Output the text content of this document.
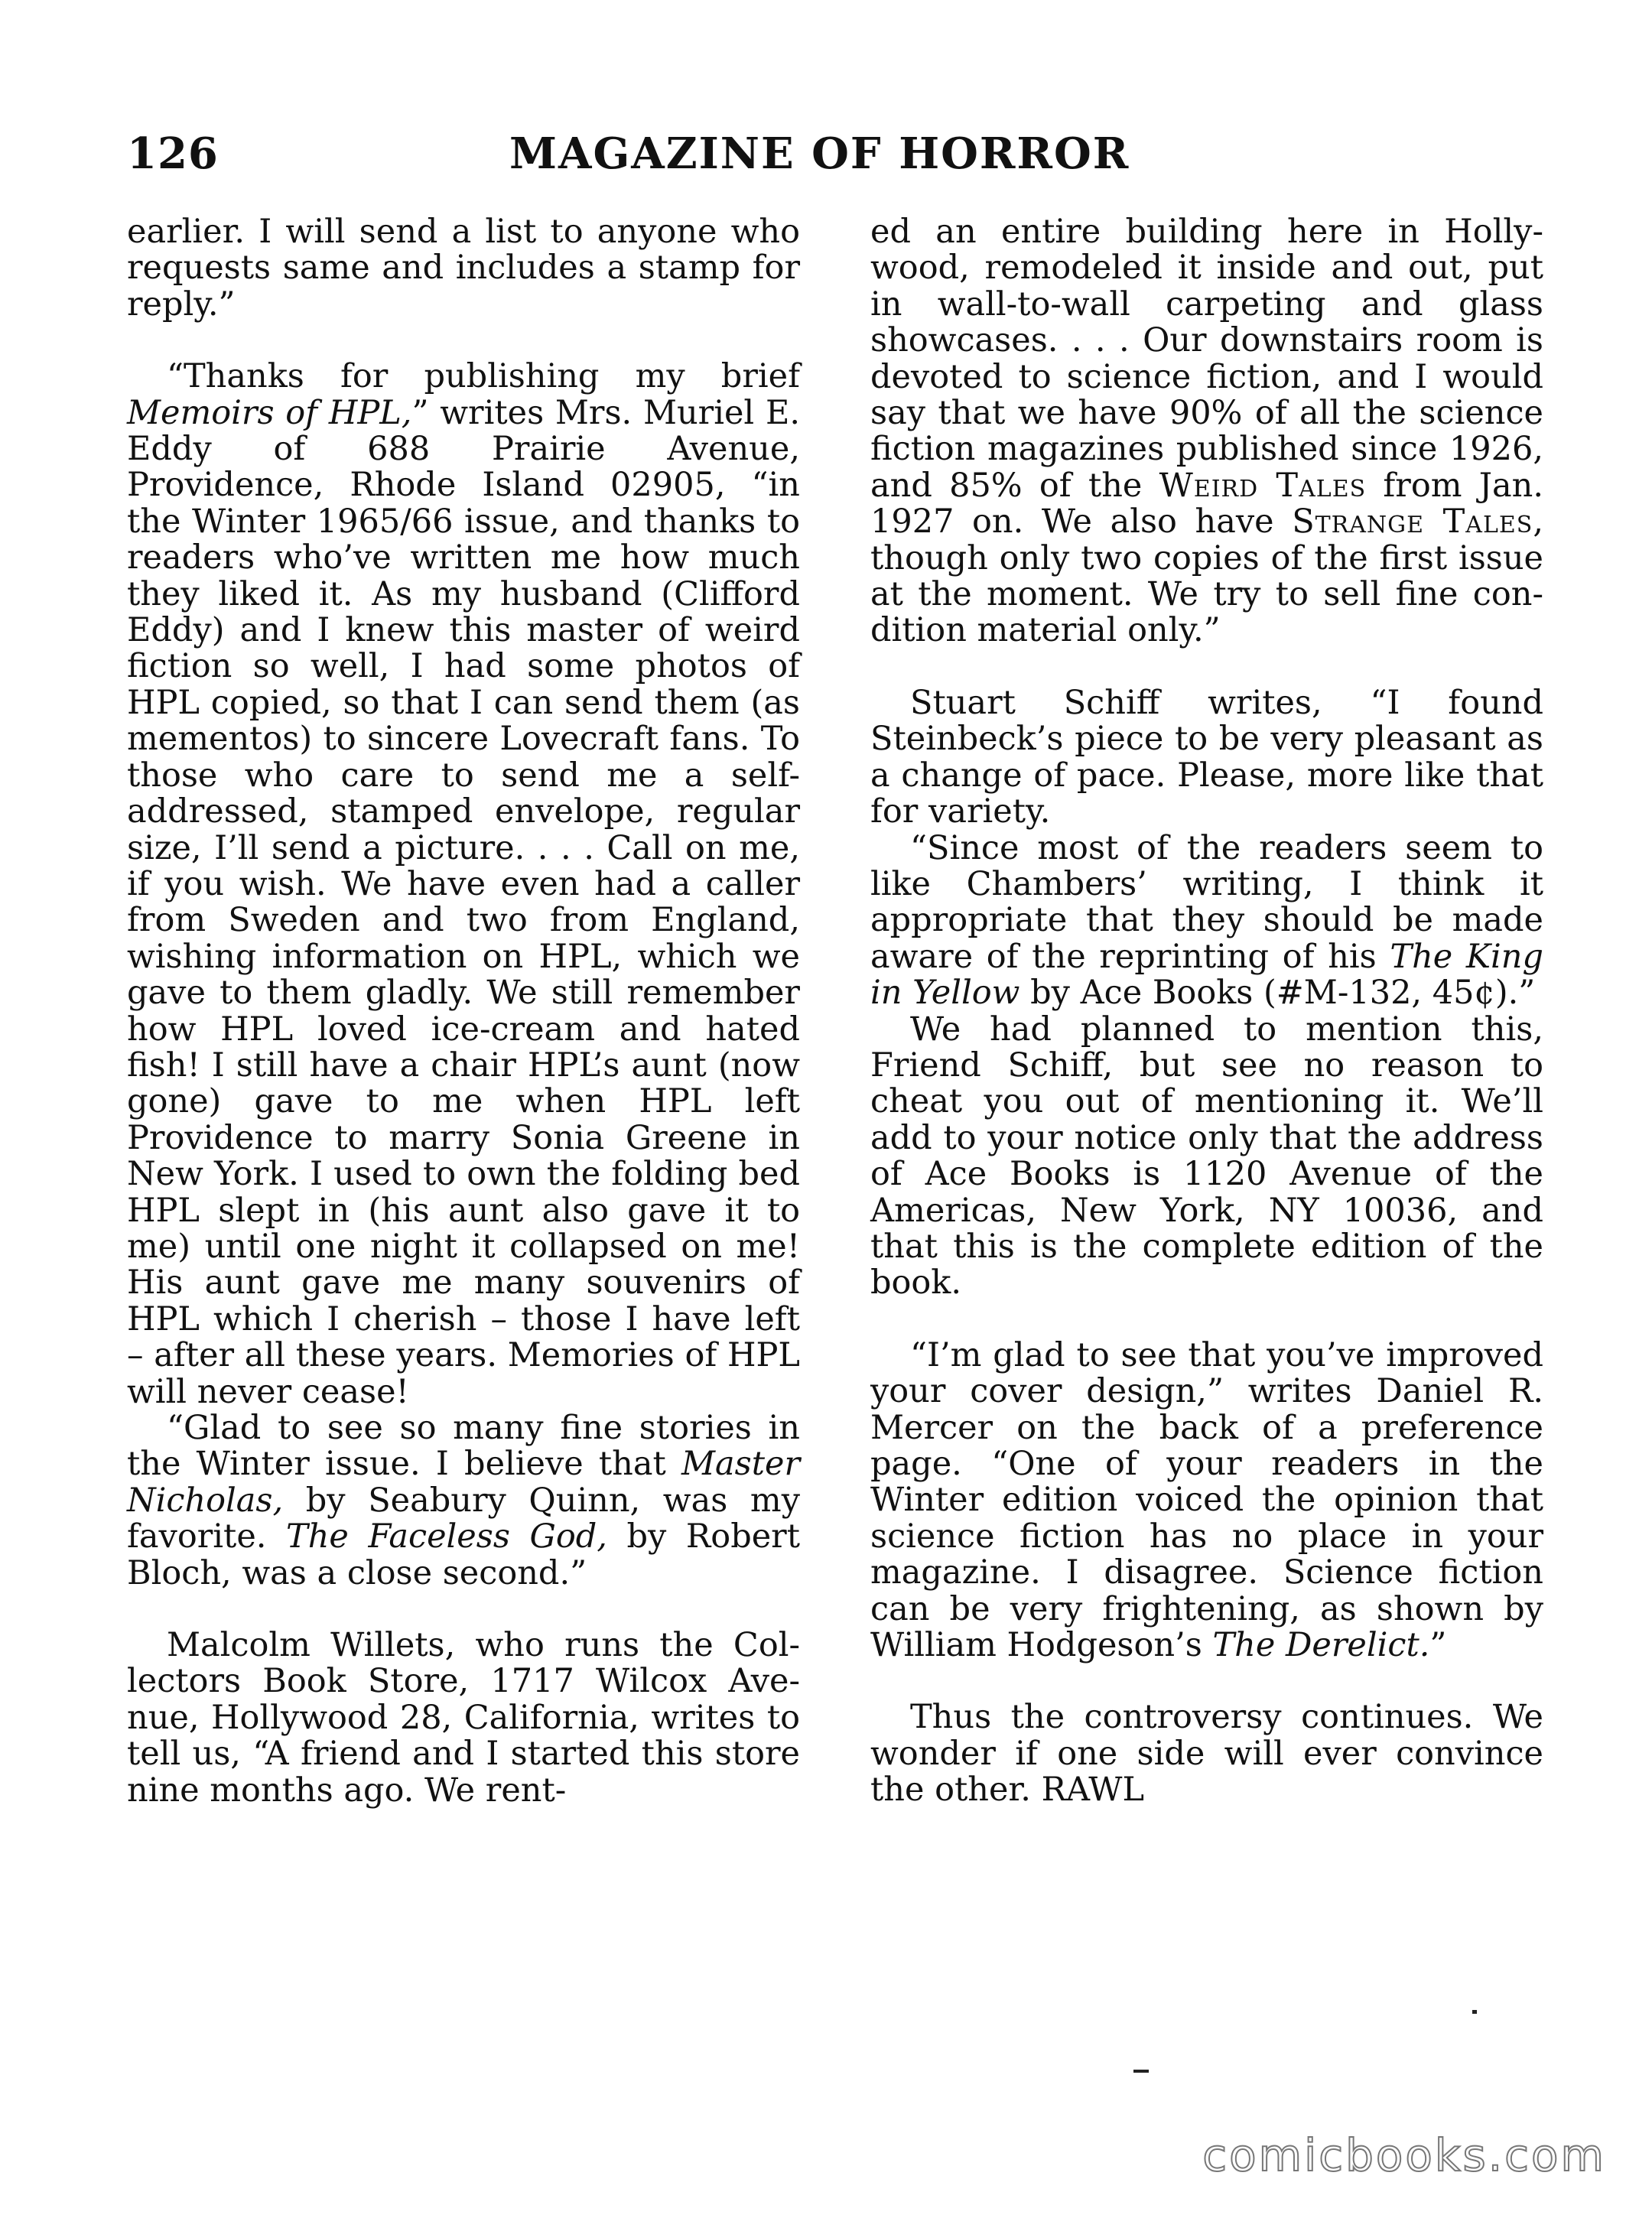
126	MAGAZINE OF HORROR

earlier. I will send a list to anyone who requests same and includes a stamp for reply.”

“Thanks for publishing my brief Memoirs of HPL,” writes Mrs. Muriel E. Eddy of 688 Prairie Avenue, Providence, Rhode Island 02905, “in the Winter 1965/66 issue, and thanks to readers who’ve written me how much they liked it. As my husband (Clifford Eddy) and I knew this master of weird fiction so well, I had some photos of HPL copied, so that I can send them (as mementos) to sincere Lovecraft fans. To those who care to send me a self-addressed, stamped envelope, regular size, I’ll send a picture. . . . Call on me, if you wish. We have even had a caller from Sweden and two from England, wishing information on HPL, which we gave to them gladly. We still remember how HPL loved ice-cream and hated fish! I still have a chair HPL’s aunt (now gone) gave to me when HPL left Providence to marry Sonia Greene in New York. I used to own the folding bed HPL slept in (his aunt also gave it to me) until one night it collapsed on me! His aunt gave me many souvenirs of HPL which I cherish – those I have left – after all these years. Memories of HPL will never cease!

“Glad to see so many fine stories in the Winter issue. I believe that Master Nicholas, by Seabury Quinn, was my favorite. The Faceless God, by Robert Bloch, was a close second.”

Malcolm Willets, who runs the Collectors Book Store, 1717 Wilcox Avenue, Hollywood 28, California, writes to tell us, “A friend and I started this store nine months ago. We rent-

ed an entire building here in Hollywood, remodeled it inside and out, put in wall-to-wall carpeting and glass showcases. . . . Our downstairs room is devoted to science fiction, and I would say that we have 90% of all the science fiction magazines published since 1926, and 85% of the Weird Tales from Jan. 1927 on. We also have Strange Tales, though only two copies of the first issue at the moment. We try to sell fine condition material only.”

Stuart Schiff writes, “I found Steinbeck’s piece to be very pleasant as a change of pace. Please, more like that for variety.

“Since most of the readers seem to like Chambers’ writing, I think it appropriate that they should be made aware of the reprinting of his The King in Yellow by Ace Books (#M-132, 45¢).”

We had planned to mention this, Friend Schiff, but see no reason to cheat you out of mentioning it. We’ll add to your notice only that the address of Ace Books is 1120 Avenue of the Americas, New York, NY 10036, and that this is the complete edition of the book.

“I’m glad to see that you’ve improved your cover design,” writes Daniel R. Mercer on the back of a preference page. “One of your readers in the Winter edition voiced the opinion that science fiction has no place in your magazine. I disagree. Science fiction can be very frightening, as shown by William Hodgeson’s The Derelict.”

Thus the controversy continues. We wonder if one side will ever convince the other. RAWL

comicbooks.com
